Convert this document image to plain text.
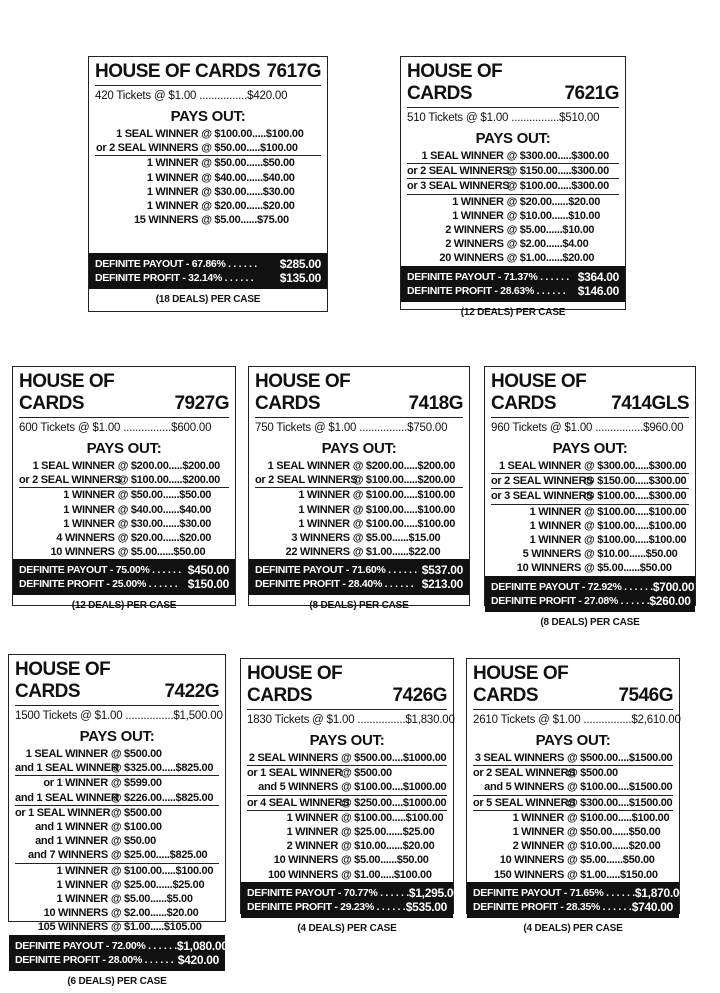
HOUSE OF CARDS 7617G
420 Tickets @ $1.00 ................$420.00
PAYS OUT:
1 SEAL WINNER @ $100.00.....$100.00
or 2 SEAL WINNERS @ $50.00.....$100.00
1 WINNER @ $50.00......$50.00
1 WINNER @ $40.00......$40.00
1 WINNER @ $30.00......$30.00
1 WINNER @ $20.00......$20.00
15 WINNERS @ $5.00......$75.00
DEFINITE PAYOUT - 67.86% . . . . . . $285.00
DEFINITE PROFIT - 32.14% . . . . . . $135.00
(18 DEALS) PER CASE
HOUSE OF CARDS	7621G
510 Tickets @ $1.00 ................$510.00
PAYS OUT:
1 SEAL WINNER @ $300.00.....$300.00
or 2 SEAL WINNERS
@ $150.00.....$300.00
or 3 SEAL WINNERS
@ $100.00.....$300.00
1 WINNER @ $20.00......$20.00
1 WINNER @ $10.00......$10.00
2 WINNERS @ $5.00......$10.00
2 WINNERS @ $2.00......$4.00
20 WINNERS @ $1.00......$20.00
DEFINITE PAYOUT - 71.37% . . . . . . $364.00
DEFINITE PROFIT - 28.63% . . . . . . $146.00
(12 DEALS) PER CASE
HOUSE OF CARDS	7927G
600 Tickets @ $1.00 ................$600.00
PAYS OUT:
1 SEAL WINNER @ $200.00.....$200.00
or 2 SEAL WINNERS
@ $100.00.....$200.00
1 WINNER @ $50.00......$50.00
1 WINNER @ $40.00......$40.00
1 WINNER @ $30.00......$30.00
4 WINNERS @ $20.00......$20.00
10 WINNERS @ $5.00......$50.00
DEFINITE PAYOUT - 75.00% . . . . . . $450.00
DEFINITE PROFIT - 25.00% . . . . . . $150.00
(12 DEALS) PER CASE
HOUSE OF CARDS	7418G
750 Tickets @ $1.00 ................$750.00
PAYS OUT:
1 SEAL WINNER @ $200.00.....$200.00
or 2 SEAL WINNERS
@ $100.00.....$200.00
1 WINNER @ $100.00.....$100.00
1 WINNER @ $100.00.....$100.00
1 WINNER @ $100.00.....$100.00
3 WINNERS @ $5.00......$15.00
22 WINNERS @ $1.00......$22.00
DEFINITE PAYOUT - 71.60% . . . . . . $537.00
DEFINITE PROFIT - 28.40% . . . . . . $213.00
(8 DEALS) PER CASE
HOUSE OF CARDS	7414GLS
960 Tickets @ $1.00 ................$960.00
PAYS OUT:
1 SEAL WINNER @ $300.00.....$300.00
or 2 SEAL WINNERS
@ $150.00.....$300.00
or 3 SEAL WINNERS
@ $100.00.....$300.00
1 WINNER @ $100.00.....$100.00
1 WINNER @ $100.00.....$100.00
1 WINNER @ $100.00.....$100.00
5 WINNERS @ $10.00......$50.00
10 WINNERS @ $5.00......$50.00
DEFINITE PAYOUT - 72.92% . . . . . . $700.00
DEFINITE PROFIT - 27.08% . . . . . . $260.00
(8 DEALS) PER CASE
HOUSE OF CARDS	7422G
1500 Tickets @ $1.00 ................$1,500.00
PAYS OUT:
1 SEAL WINNER @ $500.00
and 1 SEAL WINNER
@ $325.00.....$825.00
or 1 WINNER @ $599.00
and 1 SEAL WINNER
@ $226.00.....$825.00
or 1 SEAL WINNER @ $500.00
and 1 WINNER @ $100.00
and 1 WINNER @ $50.00
and 7 WINNERS @ $25.00.....$825.00
1 WINNER @ $100.00.....$100.00
1 WINNER @ $25.00......$25.00
1 WINNER @ $5.00......$5.00
10 WINNERS @ $2.00......$20.00
105 WINNERS @ $1.00.....$105.00
DEFINITE PAYOUT - 72.00% . . . . . . $1,080.00
DEFINITE PROFIT - 28.00% . . . . . . $420.00
(6 DEALS) PER CASE
HOUSE OF CARDS	7426G
1830 Tickets @ $1.00 ................$1,830.00
PAYS OUT:
2 SEAL WINNERS @ $500.00....$1000.00
or 1 SEAL WINNER
@ $500.00
and 5 WINNERS @ $100.00....$1000.00
or 4 SEAL WINNERS
@ $250.00....$1000.00
1 WINNER @ $100.00.....$100.00
1 WINNER @ $25.00......$25.00
2 WINNER @ $10.00......$20.00
10 WINNERS @ $5.00......$50.00
100 WINNERS @ $1.00.....$100.00
DEFINITE PAYOUT - 70.77% . . . . . . $1,295.00
DEFINITE PROFIT - 29.23% . . . . . . $535.00
(4 DEALS) PER CASE
HOUSE OF CARDS	7546G
2610 Tickets @ $1.00 ................$2,610.00
PAYS OUT:
3 SEAL WINNERS @ $500.00....$1500.00
or 2 SEAL WINNERS
@ $500.00
and 5 WINNERS @ $100.00....$1500.00
or 5 SEAL WINNERS
@ $300.00....$1500.00
1 WINNER @ $100.00.....$100.00
1 WINNER @ $50.00......$50.00
2 WINNER @ $10.00......$20.00
10 WINNERS @ $5.00......$50.00
150 WINNERS @ $1.00.....$150.00
DEFINITE PAYOUT - 71.65% . . . . . . $1,870.00
DEFINITE PROFIT - 28.35% . . . . . . $740.00
(4 DEALS) PER CASE
